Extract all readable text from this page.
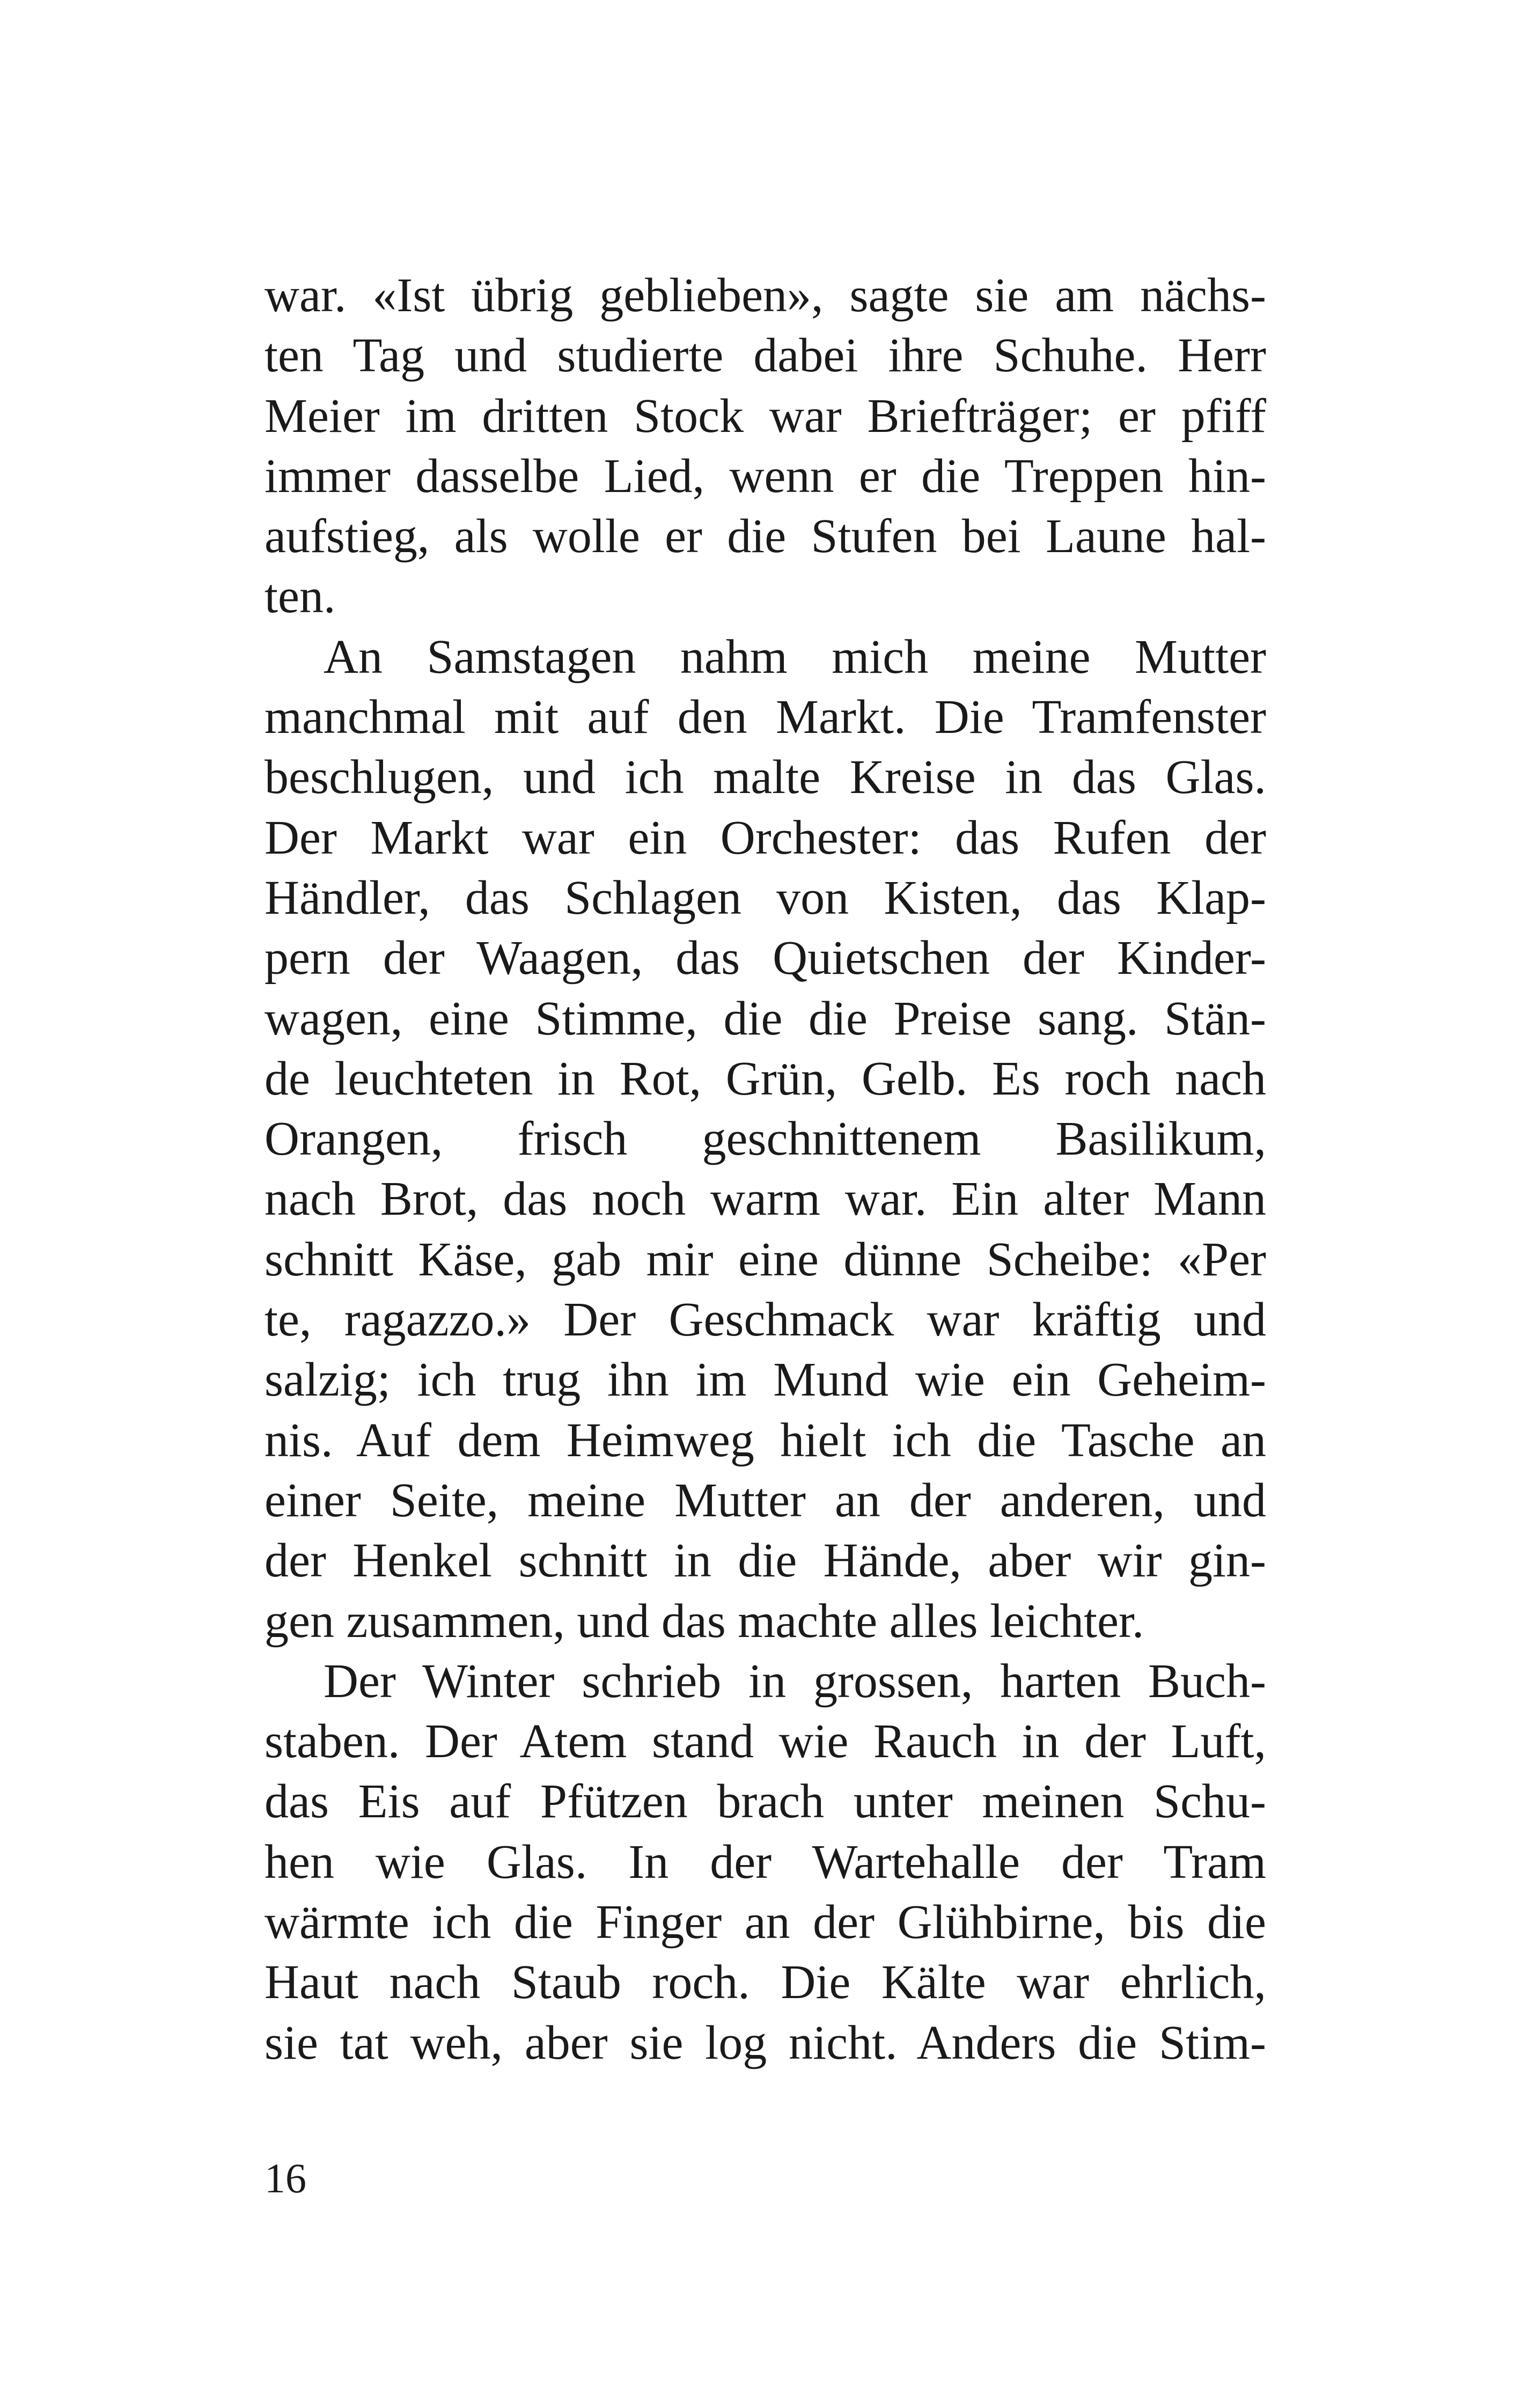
war. «Ist übrig geblieben», sagte sie am nächs-
ten Tag und studierte dabei ihre Schuhe. Herr
Meier im dritten Stock war Briefträger; er pfiff
immer dasselbe Lied, wenn er die Treppen hin-
aufstieg, als wolle er die Stufen bei Laune hal-
ten.
An Samstagen nahm mich meine Mutter
manchmal mit auf den Markt. Die Tramfenster
beschlugen, und ich malte Kreise in das Glas.
Der Markt war ein Orchester: das Rufen der
Händler, das Schlagen von Kisten, das Klap-
pern der Waagen, das Quietschen der Kinder-
wagen, eine Stimme, die die Preise sang. Stän-
de leuchteten in Rot, Grün, Gelb. Es roch nach
Orangen, frisch geschnittenem Basilikum,
nach Brot, das noch warm war. Ein alter Mann
schnitt Käse, gab mir eine dünne Scheibe: «Per
te, ragazzo.» Der Geschmack war kräftig und
salzig; ich trug ihn im Mund wie ein Geheim-
nis. Auf dem Heimweg hielt ich die Tasche an
einer Seite, meine Mutter an der anderen, und
der Henkel schnitt in die Hände, aber wir gin-
gen zusammen, und das machte alles leichter.
Der Winter schrieb in grossen, harten Buch-
staben. Der Atem stand wie Rauch in der Luft,
das Eis auf Pfützen brach unter meinen Schu-
hen wie Glas. In der Wartehalle der Tram
wärmte ich die Finger an der Glühbirne, bis die
Haut nach Staub roch. Die Kälte war ehrlich,
sie tat weh, aber sie log nicht. Anders die Stim-
16
